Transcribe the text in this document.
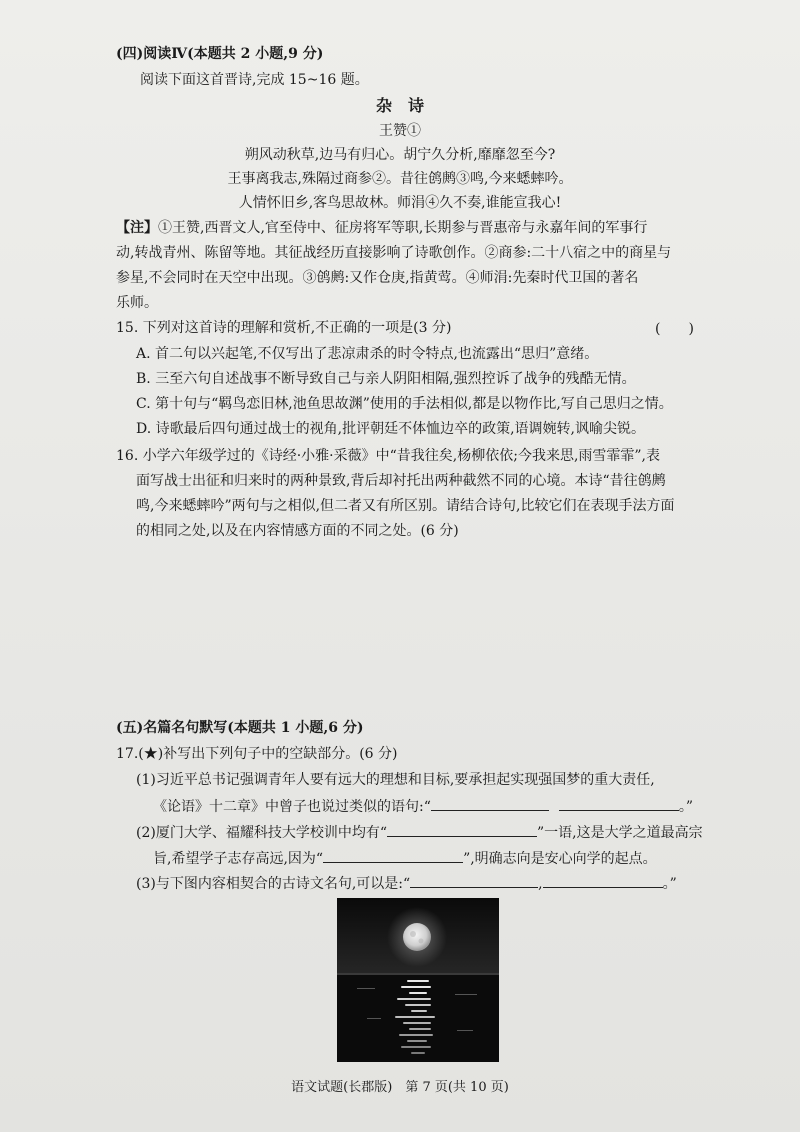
(四)阅读Ⅳ(本题共 2 小题,9 分)
阅读下面这首晋诗,完成 15~16 题。
杂　诗
王赞①
朔风动秋草,边马有归心。胡宁久分析,靡靡忽至今?
王事离我志,殊隔过商参②。昔往鸧鹒③鸣,今来蟋蟀吟。
人情怀旧乡,客鸟思故林。师涓④久不奏,谁能宣我心!
【注】①王赞,西晋文人,官至侍中、征房将军等职,长期参与晋惠帝与永嘉年间的军事行
动,转战青州、陈留等地。其征战经历直接影响了诗歌创作。②商参:二十八宿之中的商星与
参星,不会同时在天空中出现。③鸧鹒:又作仓庚,指黄莺。④师涓:先秦时代卫国的著名
乐师。
15. 下列对这首诗的理解和赏析,不正确的一项是(3 分)	(　　)
A. 首二句以兴起笔,不仅写出了悲凉肃杀的时令特点,也流露出“思归”意绪。
B. 三至六句自述战事不断导致自己与亲人阴阳相隔,强烈控诉了战争的残酷无情。
C. 第十句与“羁鸟恋旧林,池鱼思故渊”使用的手法相似,都是以物作比,写自己思归之情。
D. 诗歌最后四句通过战士的视角,批评朝廷不体恤边卒的政策,语调婉转,讽喻尖锐。
16. 小学六年级学过的《诗经·小雅·采薇》中“昔我往矣,杨柳依依;今我来思,雨雪霏霏”,表
面写战士出征和归来时的两种景致,背后却衬托出两种截然不同的心境。本诗“昔往鸧鹒
鸣,今来蟋蟀吟”两句与之相似,但二者又有所区别。请结合诗句,比较它们在表现手法方面
的相同之处,以及在内容情感方面的不同之处。(6 分)
(五)名篇名句默写(本题共 1 小题,6 分)
17.(★)补写出下列句子中的空缺部分。(6 分)
(1)习近平总书记强调青年人要有远大的理想和目标,要承担起实现强国梦的重大责任,
《论语》十二章》中曾子也说过类似的语句:“	。”
(2)厦门大学、福耀科技大学校训中均有“	”一语,这是大学之道最高宗
旨,希望学子志存高远,因为“	”,明确志向是安心向学的起点。
(3)与下图内容相契合的古诗文名句,可以是:“	,	。”
语文试题(长郡版)　第 7 页(共 10 页)
